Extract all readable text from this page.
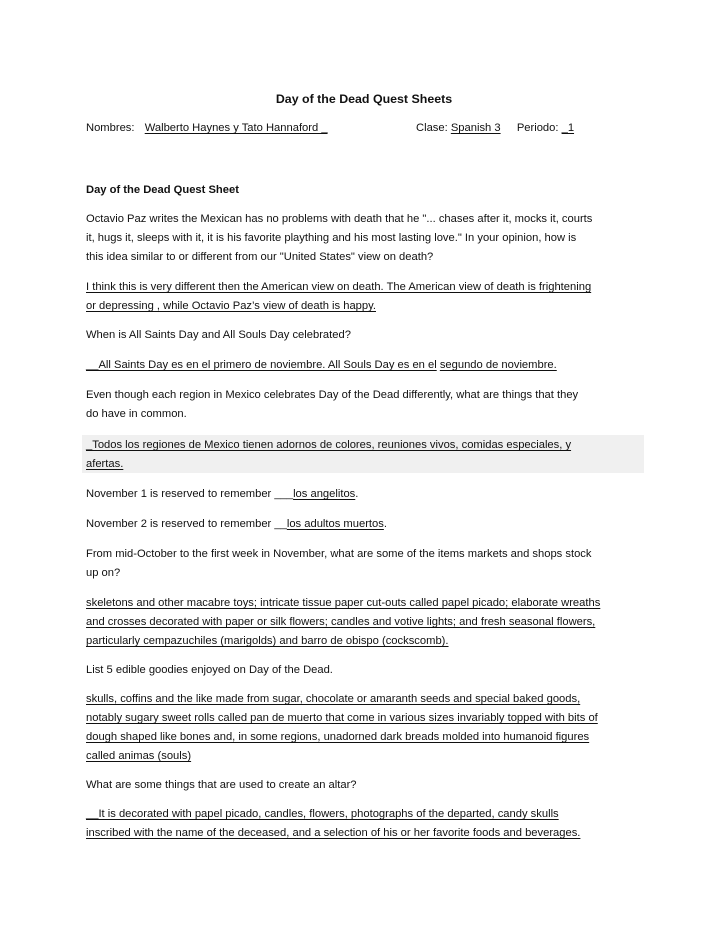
Day of the Dead Quest Sheets
Nombres: Walberto Haynes y Tato Hannaford _	Clase: Spanish 3 Periodo: _1
Day of the Dead Quest Sheet
Octavio Paz writes the Mexican has no problems with death that he "... chases after it, mocks it, courts
it, hugs it, sleeps with it, it is his favorite plaything and his most lasting love." In your opinion, how is
this idea similar to or different from our "United States" view on death?
I think this is very different then the American view on death. The American view of death is frightening
or depressing , while Octavio Paz’s view of death is happy.
When is All Saints Day and All Souls Day celebrated?
__All Saints Day es en el primero de noviembre. All Souls Day es en el segundo de noviembre.
Even though each region in Mexico celebrates Day of the Dead differently, what are things that they
do have in common.
_Todos los regiones de Mexico tienen adornos de colores, reuniones vivos, comidas especiales, y
afertas.
November 1 is reserved to remember ___los angelitos.
November 2 is reserved to remember __los adultos muertos.
From mid-October to the first week in November, what are some of the items markets and shops stock
up on?
skeletons and other macabre toys; intricate tissue paper cut-outs called papel picado; elaborate wreaths
and crosses decorated with paper or silk flowers; candles and votive lights; and fresh seasonal flowers,
particularly cempazuchiles (marigolds) and barro de obispo (cockscomb).
List 5 edible goodies enjoyed on Day of the Dead.
skulls, coffins and the like made from sugar, chocolate or amaranth seeds and special baked goods,
notably sugary sweet rolls called pan de muerto that come in various sizes invariably topped with bits of
dough shaped like bones and, in some regions, unadorned dark breads molded into humanoid figures
called animas (souls)
What are some things that are used to create an altar?
__It is decorated with papel picado, candles, flowers, photographs of the departed, candy skulls
inscribed with the name of the deceased, and a selection of his or her favorite foods and beverages.
